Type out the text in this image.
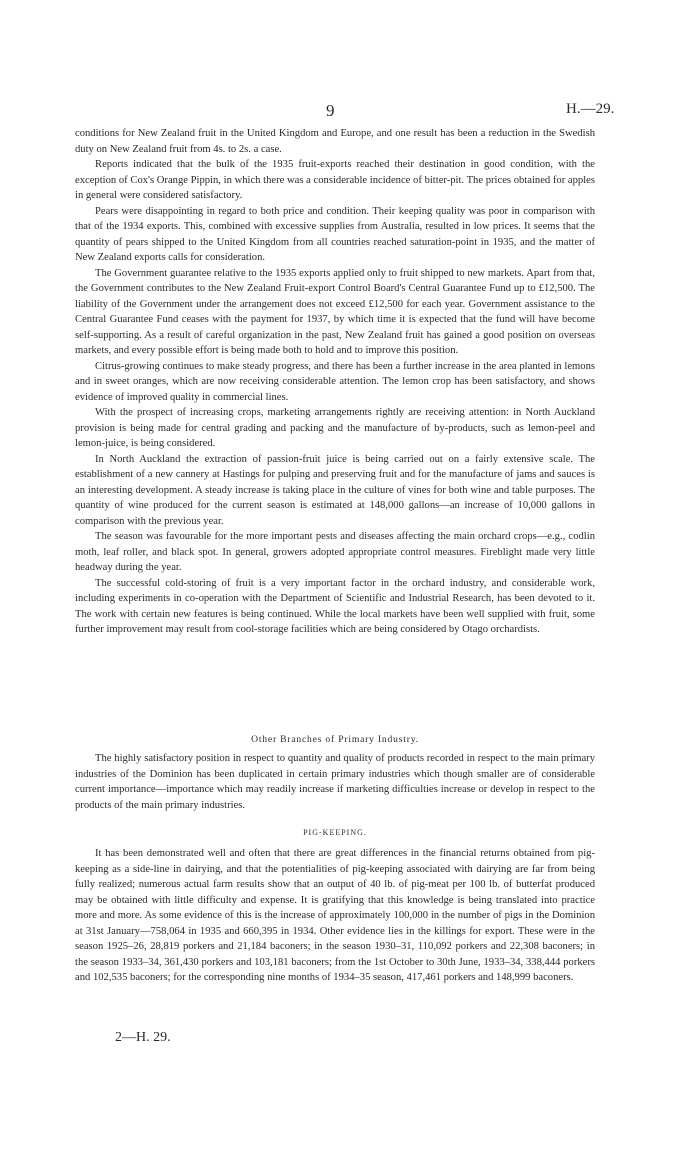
9	H.—29.

conditions for New Zealand fruit in the United Kingdom and Europe, and one result has been a reduction in the Swedish duty on New Zealand fruit from 4s. to 2s. a case.

Reports indicated that the bulk of the 1935 fruit-exports reached their destination in good condition, with the exception of Cox's Orange Pippin, in which there was a considerable incidence of bitter-pit. The prices obtained for apples in general were considered satisfactory.

Pears were disappointing in regard to both price and condition. Their keeping quality was poor in comparison with that of the 1934 exports. This, combined with excessive supplies from Australia, resulted in low prices. It seems that the quantity of pears shipped to the United Kingdom from all countries reached saturation-point in 1935, and the matter of New Zealand exports calls for consideration.

The Government guarantee relative to the 1935 exports applied only to fruit shipped to new markets. Apart from that, the Government contributes to the New Zealand Fruit-export Control Board's Central Guarantee Fund up to £12,500. The liability of the Government under the arrangement does not exceed £12,500 for each year. Government assistance to the Central Guarantee Fund ceases with the payment for 1937, by which time it is expected that the fund will have become self-supporting. As a result of careful organization in the past, New Zealand fruit has gained a good position on overseas markets, and every possible effort is being made both to hold and to improve this position.

Citrus-growing continues to make steady progress, and there has been a further increase in the area planted in lemons and in sweet oranges, which are now receiving considerable attention. The lemon crop has been satisfactory, and shows evidence of improved quality in commercial lines.

With the prospect of increasing crops, marketing arrangements rightly are receiving attention: in North Auckland provision is being made for central grading and packing and the manufacture of by-products, such as lemon-peel and lemon-juice, is being considered.

In North Auckland the extraction of passion-fruit juice is being carried out on a fairly extensive scale. The establishment of a new cannery at Hastings for pulping and preserving fruit and for the manufacture of jams and sauces is an interesting development. A steady increase is taking place in the culture of vines for both wine and table purposes. The quantity of wine produced for the current season is estimated at 148,000 gallons—an increase of 10,000 gallons in comparison with the previous year.

The season was favourable for the more important pests and diseases affecting the main orchard crops—e.g., codlin moth, leaf roller, and black spot. In general, growers adopted appropriate control measures. Fireblight made very little headway during the year.

The successful cold-storing of fruit is a very important factor in the orchard industry, and considerable work, including experiments in co-operation with the Department of Scientific and Industrial Research, has been devoted to it. The work with certain new features is being continued. While the local markets have been well supplied with fruit, some further improvement may result from cool-storage facilities which are being considered by Otago orchardists.

Other Branches of Primary Industry.

The highly satisfactory position in respect to quantity and quality of products recorded in respect to the main primary industries of the Dominion has been duplicated in certain primary industries which though smaller are of considerable current importance—importance which may readily increase if marketing difficulties increase or develop in respect to the products of the main primary industries.

PIG-KEEPING.

It has been demonstrated well and often that there are great differences in the financial returns obtained from pig-keeping as a side-line in dairying, and that the potentialities of pig-keeping associated with dairying are far from being fully realized; numerous actual farm results show that an output of 40 lb. of pig-meat per 100 lb. of butterfat produced may be obtained with little difficulty and expense. It is gratifying that this knowledge is being translated into practice more and more. As some evidence of this is the increase of approximately 100,000 in the number of pigs in the Dominion at 31st January—758,064 in 1935 and 660,395 in 1934. Other evidence lies in the killings for export. These were in the season 1925–26, 28,819 porkers and 21,184 baconers; in the season 1930–31, 110,092 porkers and 22,308 baconers; in the season 1933–34, 361,430 porkers and 103,181 baconers; from the 1st October to 30th June, 1933–34, 338,444 porkers and 102,535 baconers; for the corresponding nine months of 1934–35 season, 417,461 porkers and 148,999 baconers.

2—H. 29.
